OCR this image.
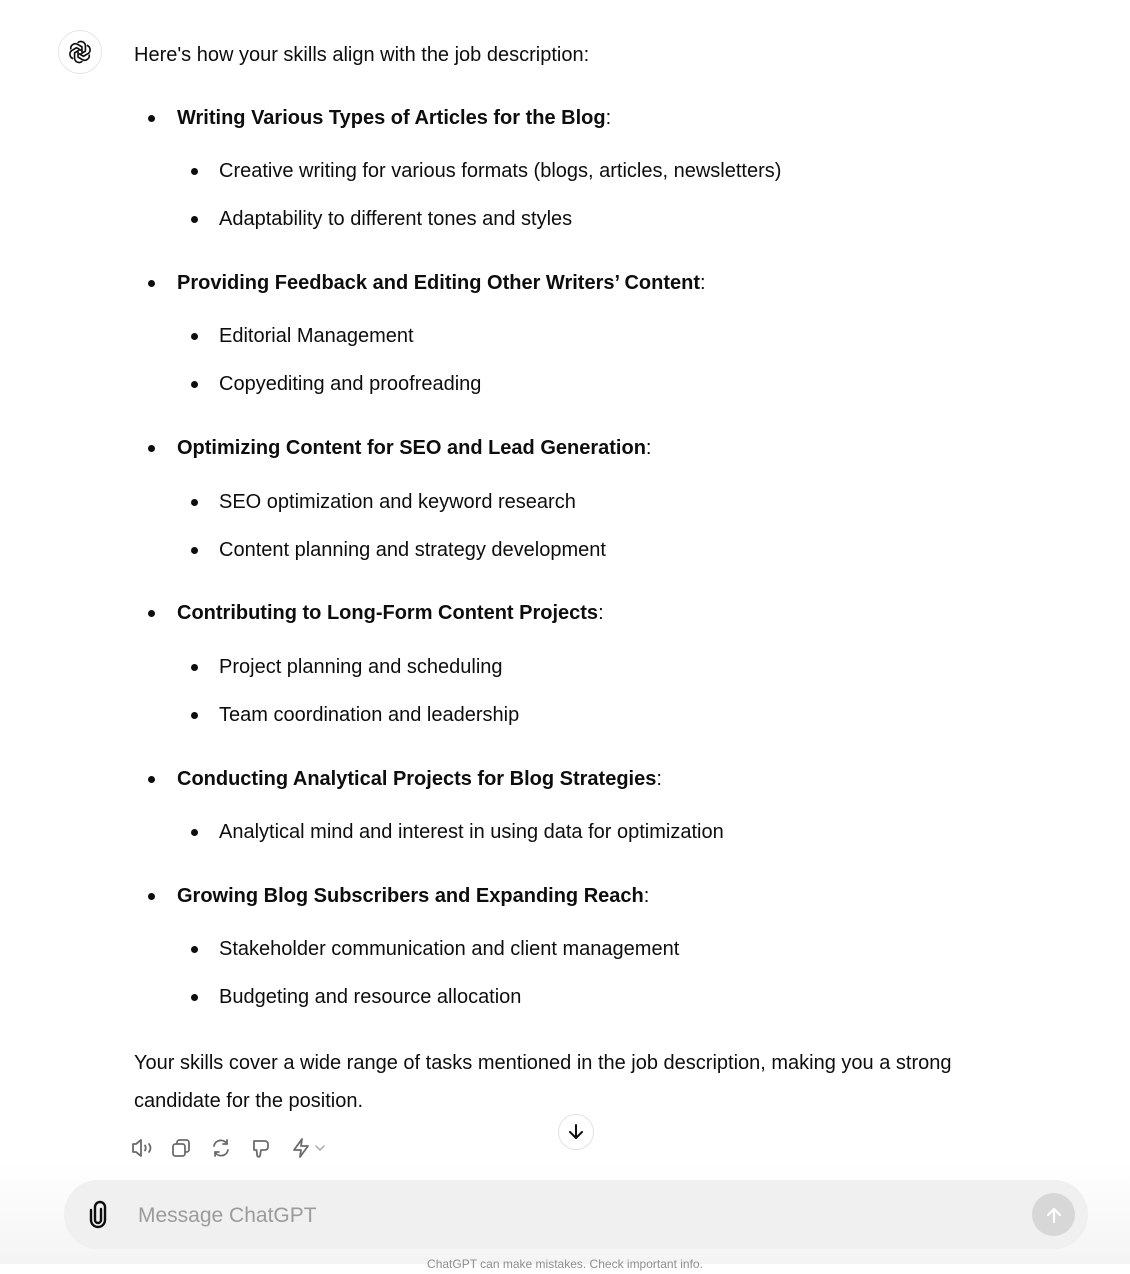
Here's how your skills align with the job description:
Writing Various Types of Articles for the Blog:
Creative writing for various formats (blogs, articles, newsletters)
Adaptability to different tones and styles
Providing Feedback and Editing Other Writers’ Content:
Editorial Management
Copyediting and proofreading
Optimizing Content for SEO and Lead Generation:
SEO optimization and keyword research
Content planning and strategy development
Contributing to Long-Form Content Projects:
Project planning and scheduling
Team coordination and leadership
Conducting Analytical Projects for Blog Strategies:
Analytical mind and interest in using data for optimization
Growing Blog Subscribers and Expanding Reach:
Stakeholder communication and client management
Budgeting and resource allocation
Your skills cover a wide range of tasks mentioned in the job description, making you a strong candidate for the position.
Message ChatGPT
ChatGPT can make mistakes. Check important info.
